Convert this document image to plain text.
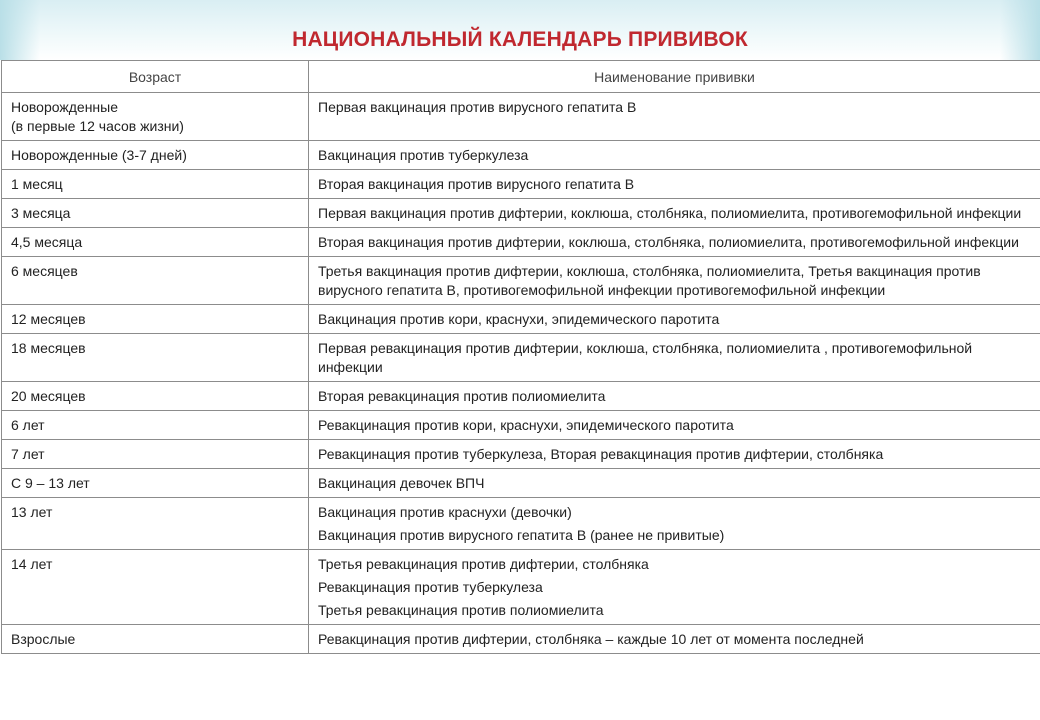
НАЦИОНАЛЬНЫЙ КАЛЕНДАРЬ ПРИВИВОК
Возраст	Наименование прививки

Новорожденные
(в первые 12 часов жизни)	Первая вакцинация против вирусного гепатита В

Новорожденные (3-7 дней)	Вакцинация против туберкулеза

1 месяц	Вторая вакцинация против вирусного гепатита В

3 месяца	Первая вакцинация против дифтерии, коклюша, столбняка, полиомиелита, противогемофильной инфекции

4,5 месяца	Вторая вакцинация против дифтерии, коклюша, столбняка, полиомиелита, противогемофильной инфекции

6 месяцев	Третья вакцинация против дифтерии, коклюша, столбняка, полиомиелита, Третья вакцинация против вирусного гепатита В, противогемофильной инфекции противогемофильной инфекции

12 месяцев	Вакцинация против кори, краснухи, эпидемического паротита

18 месяцев	Первая ревакцинация против дифтерии, коклюша, столбняка, полиомиелита , противогемофильной инфекции

20 месяцев	Вторая ревакцинация против полиомиелита

6 лет	Ревакцинация против кори, краснухи, эпидемического паротита

7 лет	Ревакцинация против туберкулеза, Вторая ревакцинация против дифтерии, столбняка

С 9 – 13 лет	Вакцинация девочек ВПЧ

13 лет	Вакцинация против краснухи (девочки)
Вакцинация против вирусного гепатита В (ранее не привитые)

14 лет	Третья ревакцинация против дифтерии, столбняка
Ревакцинация против туберкулеза
Третья ревакцинация против полиомиелита

Взрослые	Ревакцинация против дифтерии, столбняка – каждые 10 лет от момента последней
